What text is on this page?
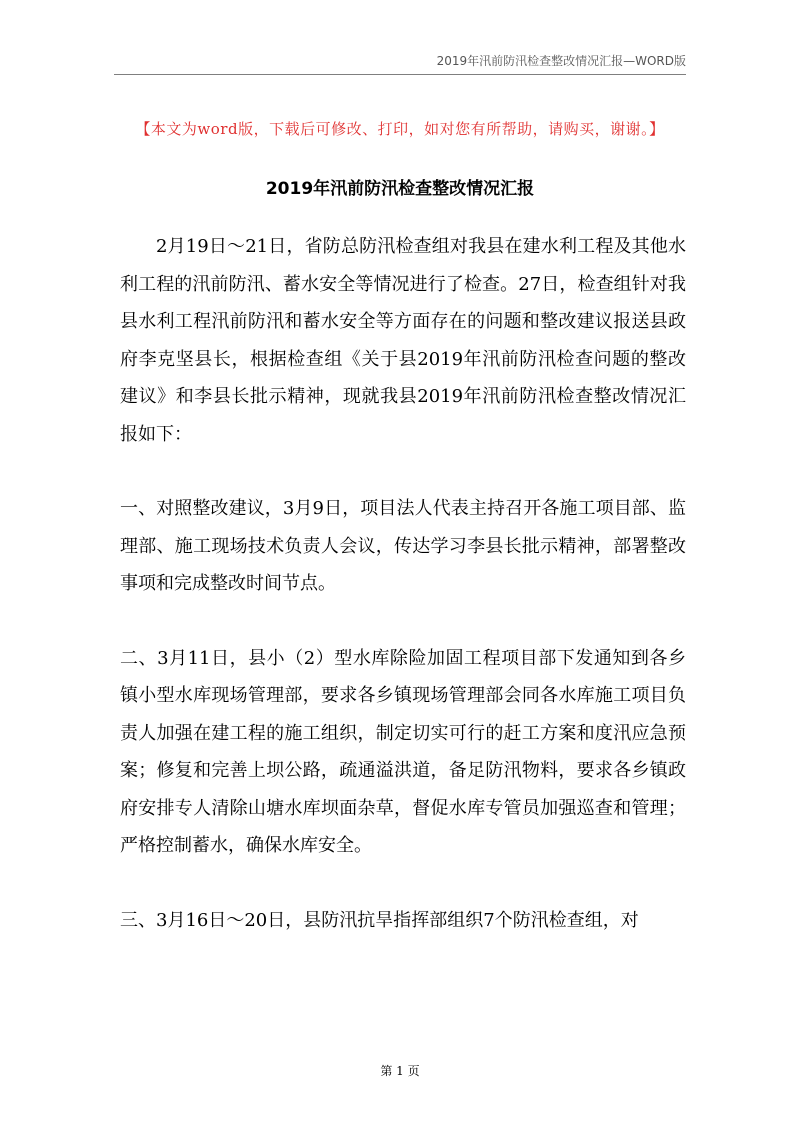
2019年汛前防汛检查整改情况汇报—WORD版
【本文为word版，下载后可修改、打印，如对您有所帮助，请购买，谢谢。】
2019年汛前防汛检查整改情况汇报

2月19日～21日，省防总防汛检查组对我县在建水利工程及其他水利工程的汛前防汛、蓄水安全等情况进行了检查。27日，检查组针对我县水利工程汛前防汛和蓄水安全等方面存在的问题和整改建议报送县政府李克坚县长，根据检查组《关于县2019年汛前防汛检查问题的整改建议》和李县长批示精神，现就我县2019年汛前防汛检查整改情况汇报如下：

一、对照整改建议，3月9日，项目法人代表主持召开各施工项目部、监理部、施工现场技术负责人会议，传达学习李县长批示精神，部署整改事项和完成整改时间节点。

二、3月11日，县小（2）型水库除险加固工程项目部下发通知到各乡镇小型水库现场管理部，要求各乡镇现场管理部会同各水库施工项目负责人加强在建工程的施工组织，制定切实可行的赶工方案和度汛应急预案；修复和完善上坝公路，疏通溢洪道，备足防汛物料，要求各乡镇政府安排专人清除山塘水库坝面杂草，督促水库专管员加强巡查和管理；严格控制蓄水，确保水库安全。

三、3月16日～20日，县防汛抗旱指挥部组织7个防汛检查组，对

第 1 页
